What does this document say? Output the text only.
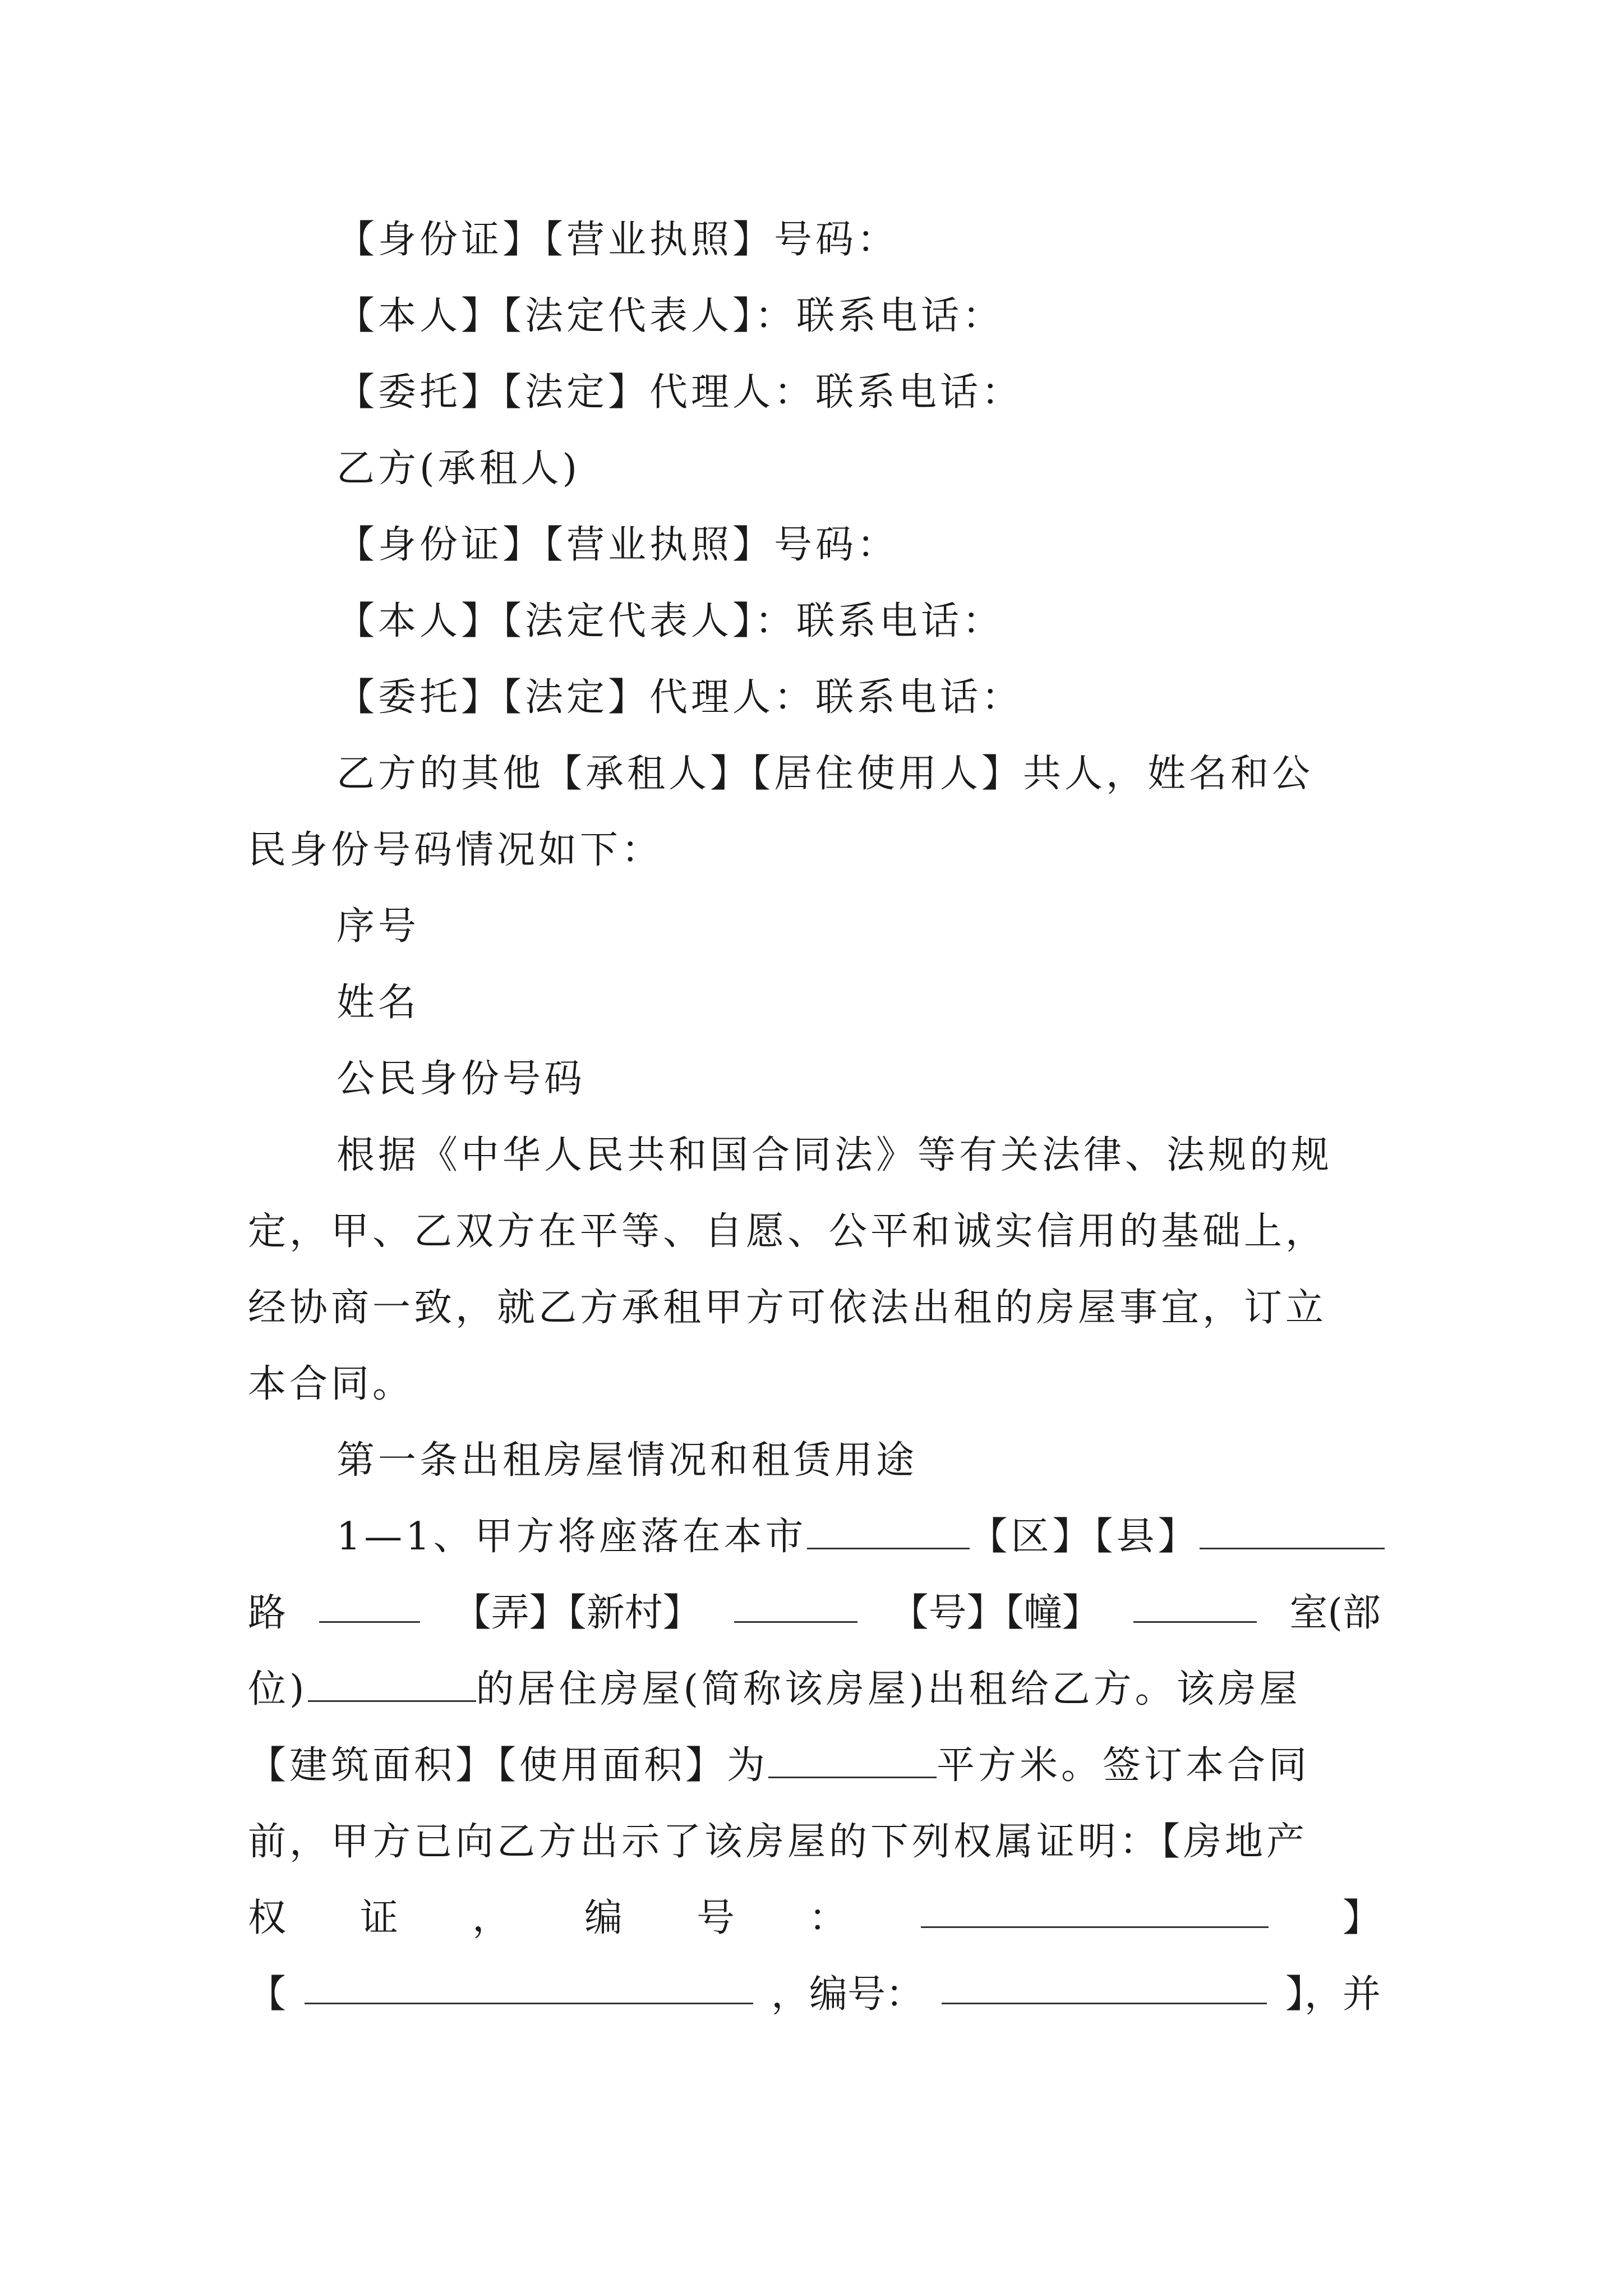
【身份证】【营业执照】号码：
【本人】【法定代表人】：联系电话：
【委托】【法定】代理人：联系电话：
乙方(承租人)
【身份证】【营业执照】号码：
【本人】【法定代表人】：联系电话：
【委托】【法定】代理人：联系电话：
乙方的其他【承租人】【居住使用人】共人，姓名和公
民身份号码情况如下：
序号
姓名
公民身份号码
根据《中华人民共和国合同法》等有关法律、法规的规
定，甲、乙双方在平等、自愿、公平和诚实信用的基础上，
经协商一致，就乙方承租甲方可依法出租的房屋事宜，订立
本合同。
第一条出租房屋情况和租赁用途
1—1、甲方将座落在本市	【区】【县】
路	【弄】【新村】	【号】【幢】	室(部
位)	的居住房屋(简称该房屋)出租给乙方。该房屋
【建筑面积】【使用面积】为	平方米。签订本合同
前，甲方已向乙方出示了该房屋的下列权属证明：【房地产
权 证 ， 编 号 ：	】
【	，编号：	】，并
